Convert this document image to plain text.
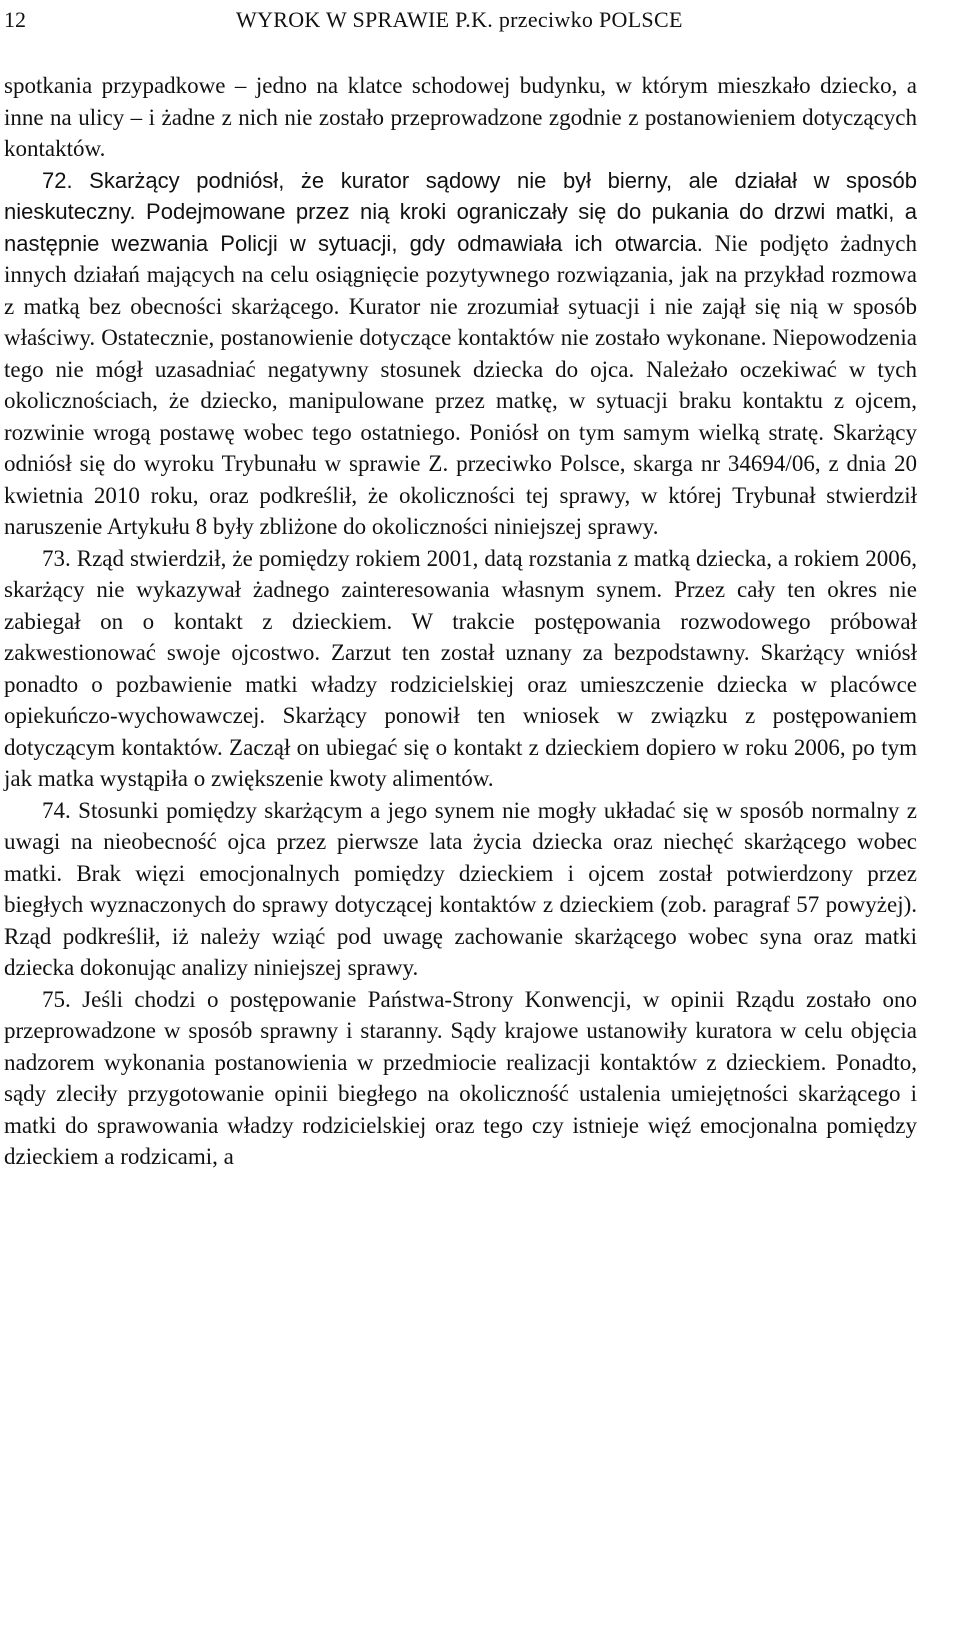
12	WYROK W SPRAWIE P.K. przeciwko POLSCE

spotkania przypadkowe – jedno na klatce schodowej budynku, w którym mieszkało dziecko, a inne na ulicy – i żadne z nich nie zostało przeprowadzone zgodnie z postanowieniem dotyczących kontaktów.

72. Skarżący podniósł, że kurator sądowy nie był bierny, ale działał w sposób nieskuteczny. Podejmowane przez nią kroki ograniczały się do pukania do drzwi matki, a następnie wezwania Policji w sytuacji, gdy odmawiała ich otwarcia. Nie podjęto żadnych innych działań mających na celu osiągnięcie pozytywnego rozwiązania, jak na przykład rozmowa z matką bez obecności skarżącego. Kurator nie zrozumiał sytuacji i nie zajął się nią w sposób właściwy. Ostatecznie, postanowienie dotyczące kontaktów nie zostało wykonane. Niepowodzenia tego nie mógł uzasadniać negatywny stosunek dziecka do ojca. Należało oczekiwać w tych okolicznościach, że dziecko, manipulowane przez matkę, w sytuacji braku kontaktu z ojcem, rozwinie wrogą postawę wobec tego ostatniego. Poniósł on tym samym wielką stratę. Skarżący odniósł się do wyroku Trybunału w sprawie Z. przeciwko Polsce, skarga nr 34694/06, z dnia 20 kwietnia 2010 roku, oraz podkreślił, że okoliczności tej sprawy, w której Trybunał stwierdził naruszenie Artykułu 8 były zbliżone do okoliczności niniejszej sprawy.

73. Rząd stwierdził, że pomiędzy rokiem 2001, datą rozstania z matką dziecka, a rokiem 2006, skarżący nie wykazywał żadnego zainteresowania własnym synem. Przez cały ten okres nie zabiegał on o kontakt z dzieckiem. W trakcie postępowania rozwodowego próbował zakwestionować swoje ojcostwo. Zarzut ten został uznany za bezpodstawny. Skarżący wniósł ponadto o pozbawienie matki władzy rodzicielskiej oraz umieszczenie dziecka w placówce opiekuńczo-wychowawczej. Skarżący ponowił ten wniosek w związku z postępowaniem dotyczącym kontaktów. Zaczął on ubiegać się o kontakt z dzieckiem dopiero w roku 2006, po tym jak matka wystąpiła o zwiększenie kwoty alimentów.

74. Stosunki pomiędzy skarżącym a jego synem nie mogły układać się w sposób normalny z uwagi na nieobecność ojca przez pierwsze lata życia dziecka oraz niechęć skarżącego wobec matki. Brak więzi emocjonalnych pomiędzy dzieckiem i ojcem został potwierdzony przez biegłych wyznaczonych do sprawy dotyczącej kontaktów z dzieckiem (zob. paragraf 57 powyżej). Rząd podkreślił, iż należy wziąć pod uwagę zachowanie skarżącego wobec syna oraz matki dziecka dokonując analizy niniejszej sprawy.

75. Jeśli chodzi o postępowanie Państwa-Strony Konwencji, w opinii Rządu zostało ono przeprowadzone w sposób sprawny i staranny. Sądy krajowe ustanowiły kuratora w celu objęcia nadzorem wykonania postanowienia w przedmiocie realizacji kontaktów z dzieckiem. Ponadto, sądy zleciły przygotowanie opinii biegłego na okoliczność ustalenia umiejętności skarżącego i matki do sprawowania władzy rodzicielskiej oraz tego czy istnieje więź emocjonalna pomiędzy dzieckiem a rodzicami, a
